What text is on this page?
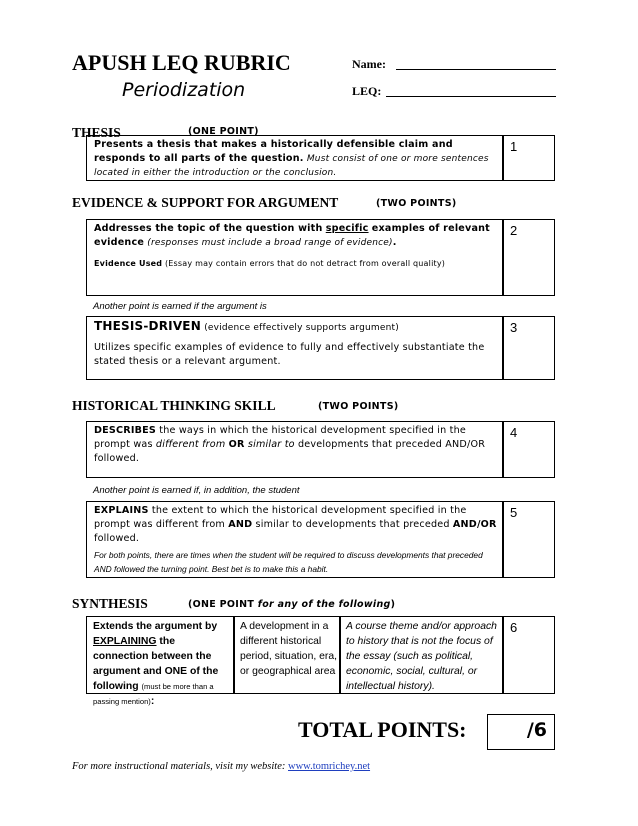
APUSH LEQ RUBRIC
Periodization
Name:
LEQ:
THESIS	(ONE POINT)
Presents a thesis that makes a historically defensible claim and responds to all parts of the question. Must consist of one or more sentences located in either the introduction or the conclusion.
1
EVIDENCE & SUPPORT FOR ARGUMENT	(TWO POINTS)
Addresses the topic of the question with specific examples of relevant evidence (responses must include a broad range of evidence).
Evidence Used (Essay may contain errors that do not detract from overall quality)
2
Another point is earned if the argument is
THESIS-DRIVEN (evidence effectively supports argument)
Utilizes specific examples of evidence to fully and effectively substantiate the stated thesis or a relevant argument.
3
HISTORICAL THINKING SKILL	(TWO POINTS)
DESCRIBES the ways in which the historical development specified in the prompt was different from OR similar to developments that preceded AND/OR followed.
4
Another point is earned if, in addition, the student
EXPLAINS the extent to which the historical development specified in the prompt was different from AND similar to developments that preceded AND/OR followed.
For both points, there are times when the student will be required to discuss developments that preceded AND followed the turning point. Best bet is to make this a habit.
5
SYNTHESIS	(ONE POINT for any of the following)
Extends the argument by EXPLAINING the connection between the argument and ONE of the following (must be more than a passing mention):
A development in a different historical period, situation, era, or geographical area
A course theme and/or approach to history that is not the focus of the essay (such as political, economic, social, cultural, or intellectual history).
6
TOTAL POINTS:	/6
For more instructional materials, visit my website: www.tomrichey.net
